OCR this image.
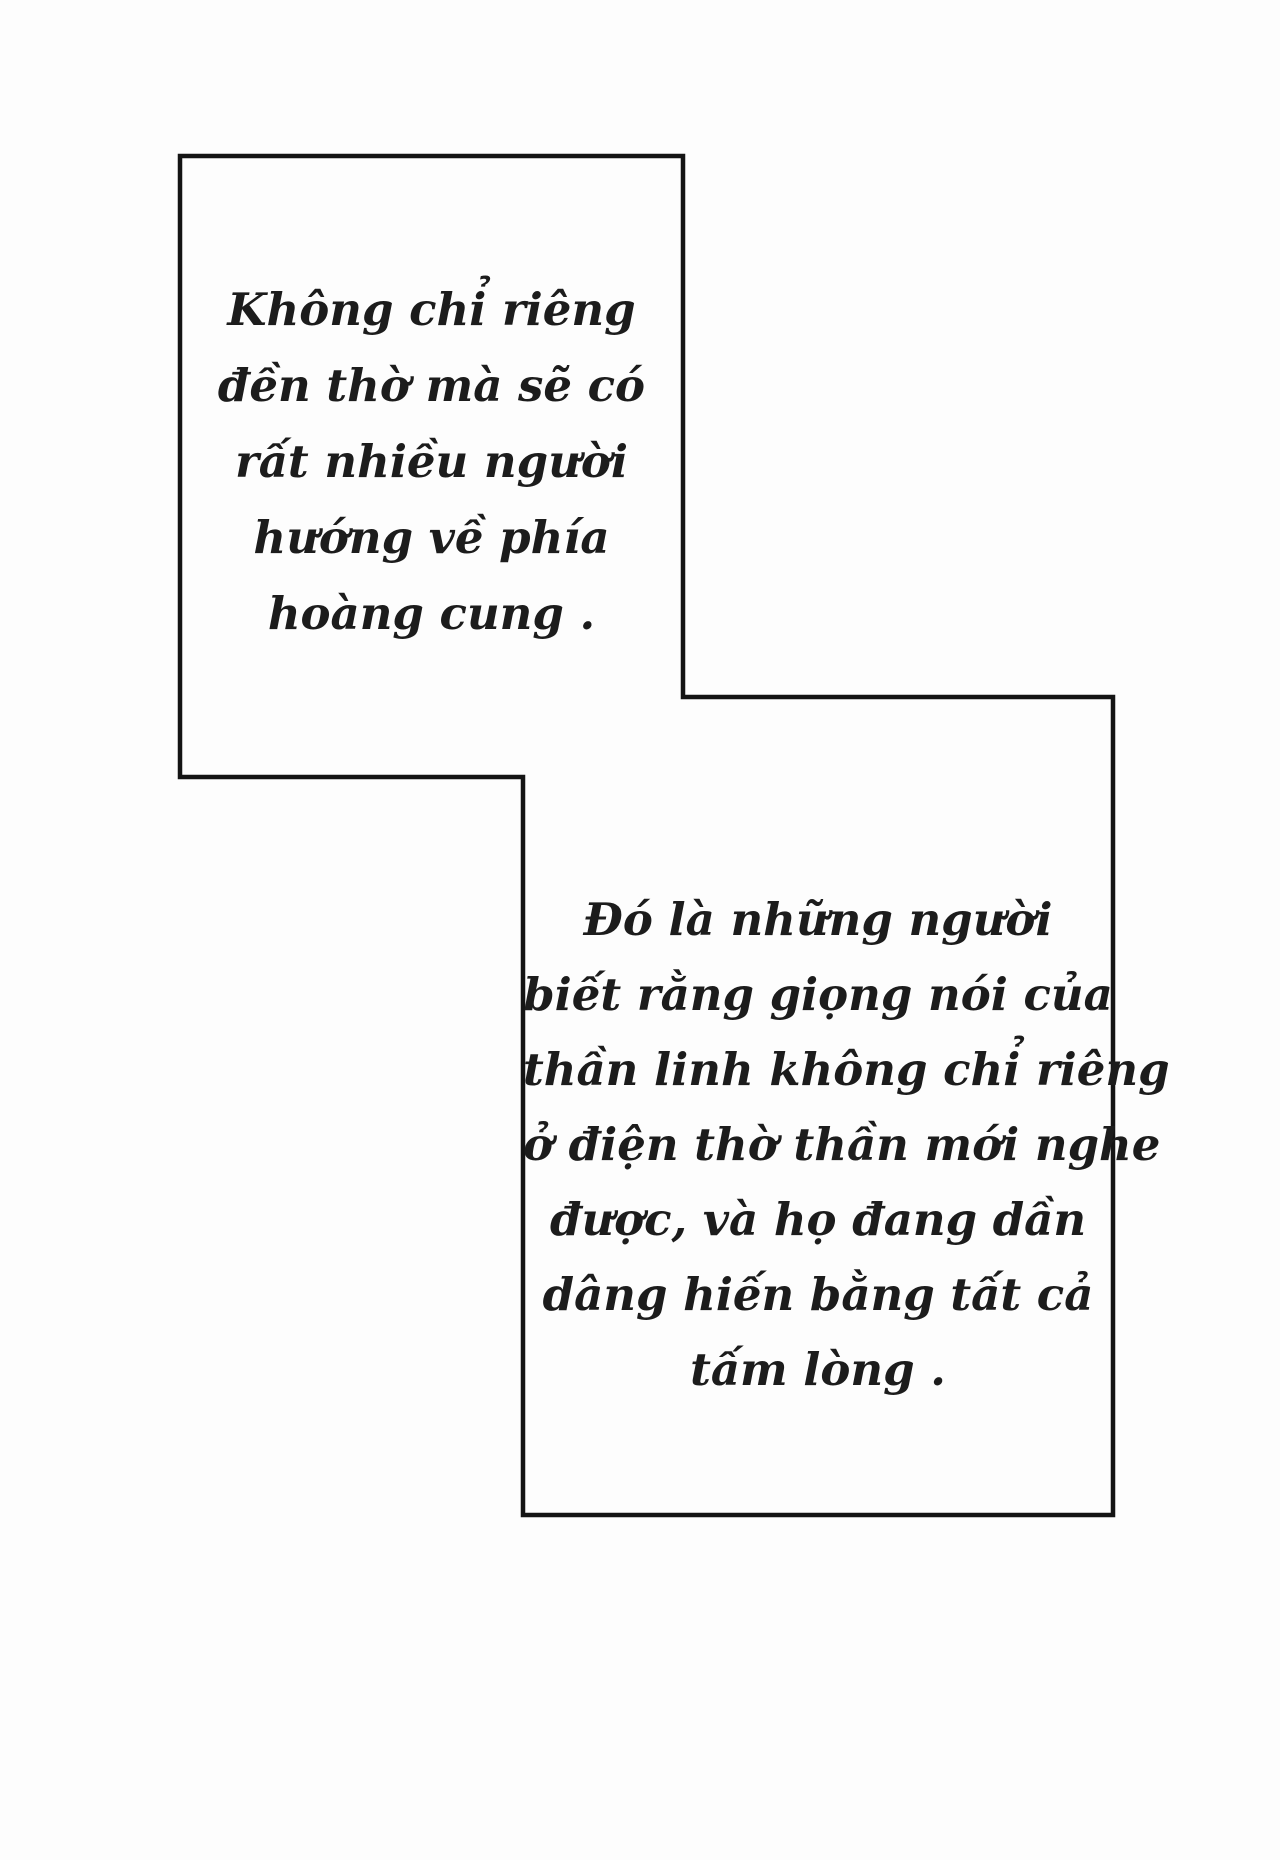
Không chỉ riêng
đền thờ mà sẽ có
rất nhiều người
hướng về phía
hoàng cung .
Đó là những người
biết rằng giọng nói của
thần linh không chỉ riêng
ở điện thờ thần mới nghe
được, và họ đang dần
dâng hiến bằng tất cả
tấm lòng .
